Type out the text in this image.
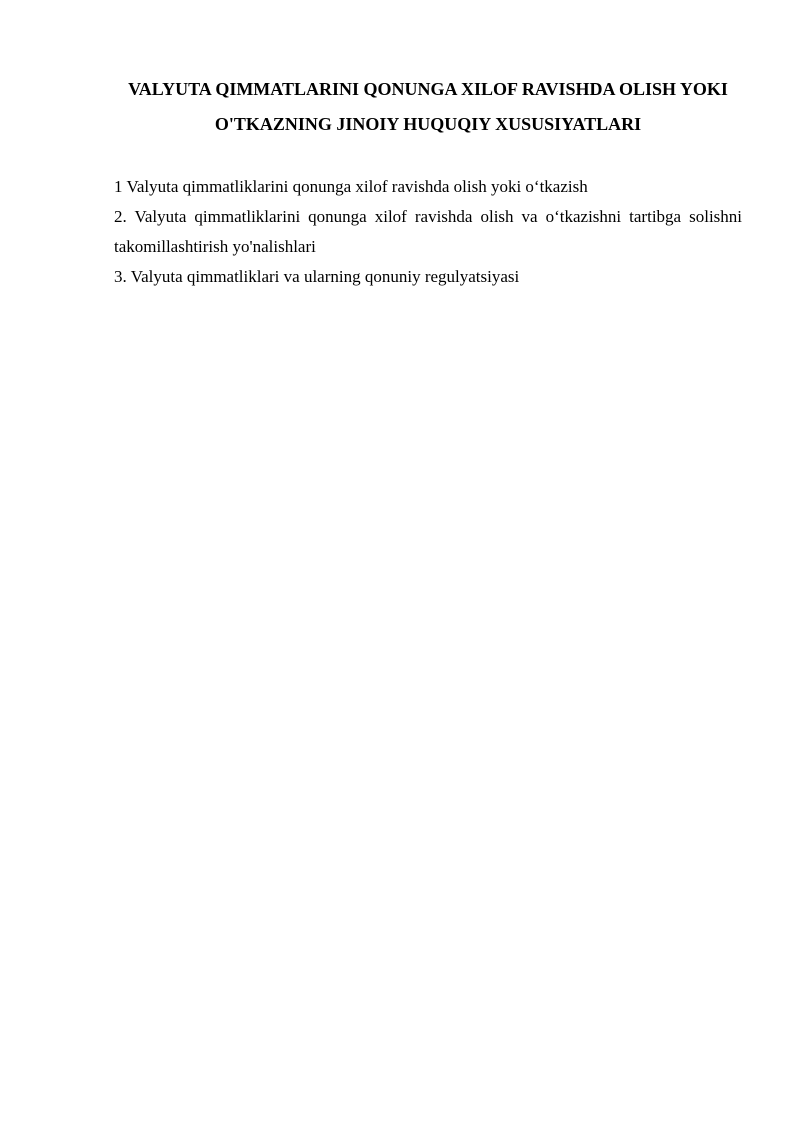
VALYUTA QIMMATLARINI QONUNGA XILOF RAVISHDA OLISH YOKI
O'TKAZNING JINOIY HUQUQIY XUSUSIYATLARI

1 Valyuta qimmatliklarini qonunga xilof ravishda olish yoki o‘tkazish

2. Valyuta qimmatliklarini qonunga xilof ravishda olish va o‘tkazishni tartibga solishni takomillashtirish yo'nalishlari

3. Valyuta qimmatliklari va ularning qonuniy regulyatsiyasi
